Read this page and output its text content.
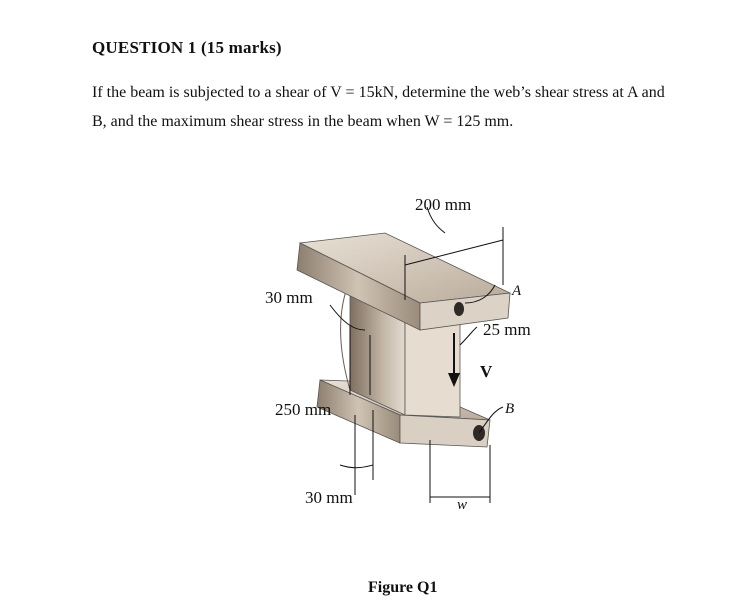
QUESTION 1 (15 marks)

If the beam is subjected to a shear of V = 15kN, determine the web’s shear stress at A and
B, and the maximum shear stress in the beam when W = 125 mm.

200 mm
30 mm
25 mm
250 mm
30 mm
A
B
V
w
Figure Q1
